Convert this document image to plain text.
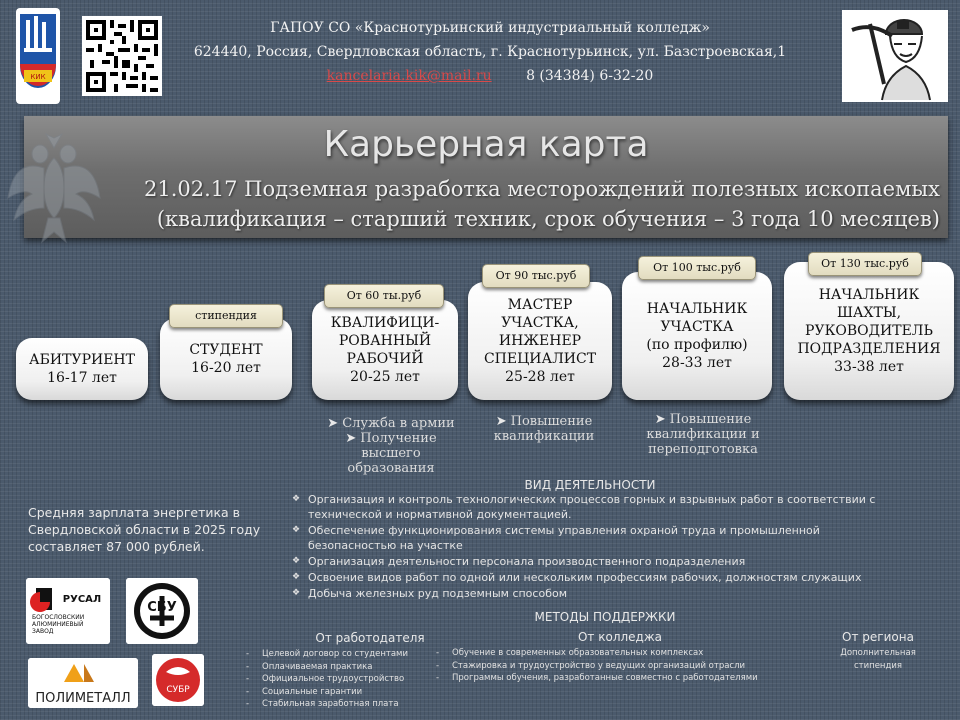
КИК
ГАПОУ СО «Краснотурьинский индустриальный колледж»
624440, Россия, Свердловская область, г. Краснотурьинск, ул. Базстроевская,1
kancelaria.kik@mail.ru 8 (34384) 6-32-20
Карьерная карта
21.02.17 Подземная разработка месторождений полезных ископаемых
(квалификация – старший техник, срок обучения – 3 года 10 месяцев)
АБИТУРИЕНТ
16-17 лет
СТУДЕНТ
16-20 лет
стипендия	КВАЛИФИЦИ-
РОВАННЫЙ
РАБОЧИЙ
20-25 лет
От 60 ты.руб
МАСТЕР
УЧАСТКА,
ИНЖЕНЕР
СПЕЦИАЛИСТ
25-28 лет
От 90 тыс.руб
НАЧАЛЬНИК
УЧАСТКА
(по профилю)
28-33 лет
От 100 тыс.руб
НАЧАЛЬНИК
ШАХТЫ,
РУКОВОДИТЕЛЬ
ПОДРАЗДЕЛЕНИЯ
33-38 лет
От 130 тыс.руб
➤ Служба в армии
➤ Получение
высшего
образования
➤ Повышение
квалификации
➤ Повышение
квалификации и
переподготовка
Средняя зарплата энергетика в Свердловской области в 2025 году составляет 87 000 рублей.
ВИД ДЕЯТЕЛЬНОСТИ
❖ Организация и контроль технологических процессов горных и взрывных работ в соответствии с технической и нормативной документацией.
❖ Обеспечение функционирования системы управления охраной труда и промышленной безопасностью на участке
❖ Организация деятельности персонала производственного подразделения
❖ Освоение видов работ по одной или нескольким профессиям рабочих, должностям служащих
❖ Добыча железных руд подземным способом
МЕТОДЫ ПОДДЕРЖКИ
От работодателя
- Целевой договор со студентами
- Оплачиваемая практика
- Официальное трудоустройство
- Социальные гарантии
- Стабильная заработная плата
От колледжа
- Обучение в современных образовательных комплексах
- Стажировка и трудоустройство у ведущих организаций отрасли
- Программы обучения, разработанные совместно с работодателями
От региона
Дополнительная
стипендия
РУСАЛ
БОГОСЛОВСКИЙ АЛЮМИНИЕВЫЙ ЗАВОД
СБУ
ПОЛИМЕТАЛЛ
СУБР
